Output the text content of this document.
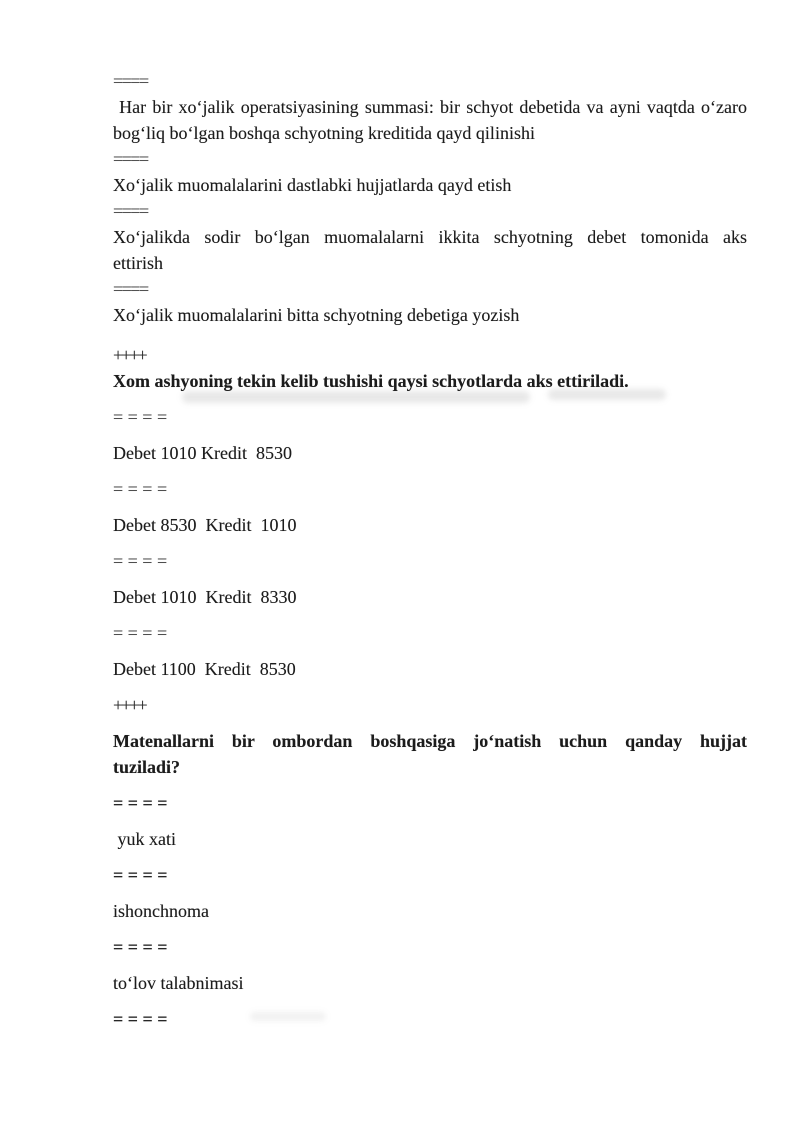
====
Har bir xoʻjalik operatsiyasining summasi: bir schyot debetida va ayni vaqtda oʻzaro
bogʻliq boʻlgan boshqa schyotning kreditida qayd qilinishi
====
Xoʻjalik muomalalarini dastlabki hujjatlarda qayd etish
====
Xoʻjalikda sodir boʻlgan muomalalarni ikkita schyotning debet tomonida aks
ettirish
====
Xoʻjalik muomalalarini bitta schyotning debetiga yozish
++++
Xom ashyoning tekin kelib tushishi qaysi schyotlarda aks ettiriladi.
= = = =
Debet 1010 Kredit  8530
= = = =
Debet 8530  Kredit  1010
= = = =
Debet 1010  Kredit  8330
= = = =
Debet 1100  Kredit  8530
++++
Matenallarni bir ombordan boshqasiga joʻnatish uchun qanday hujjat
tuziladi?
= = = =
yuk xati
= = = =
ishonchnoma
= = = =
toʻlov talabnimasi
= = = =
